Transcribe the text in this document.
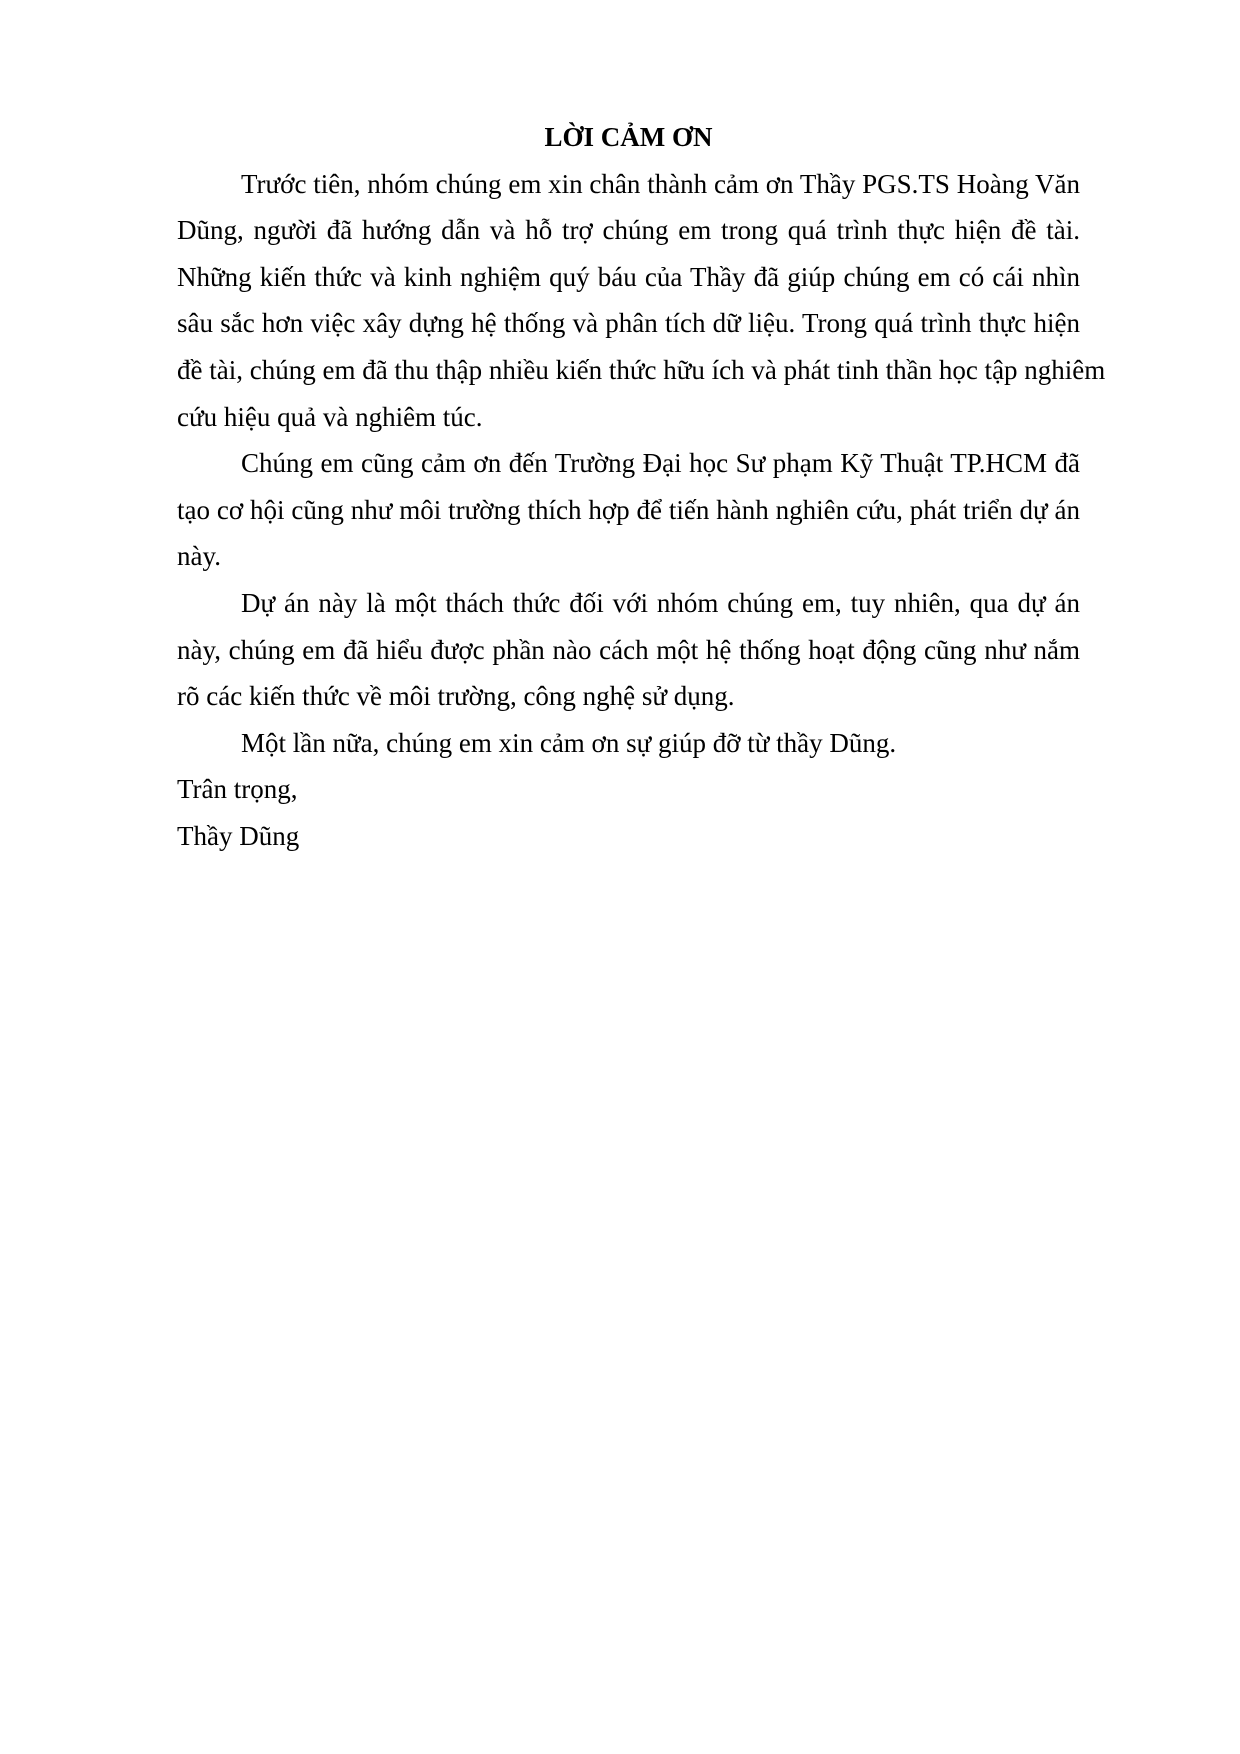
LỜI CẢM ƠN
Trước tiên, nhóm chúng em xin chân thành cảm ơn Thầy PGS.TS Hoàng Văn
Dũng, người đã hướng dẫn và hỗ trợ chúng em trong quá trình thực hiện đề tài.
Những kiến thức và kinh nghiệm quý báu của Thầy đã giúp chúng em có cái nhìn
sâu sắc hơn việc xây dựng hệ thống và phân tích dữ liệu. Trong quá trình thực hiện
đề tài, chúng em đã thu thập nhiều kiến thức hữu ích và phát tinh thần học tập nghiêm
cứu hiệu quả và nghiêm túc.
Chúng em cũng cảm ơn đến Trường Đại học Sư phạm Kỹ Thuật TP.HCM đã
tạo cơ hội cũng như môi trường thích hợp để tiến hành nghiên cứu, phát triển dự án
này.
Dự án này là một thách thức đối với nhóm chúng em, tuy nhiên, qua dự án
này, chúng em đã hiểu được phần nào cách một hệ thống hoạt động cũng như nắm
rõ các kiến thức về môi trường, công nghệ sử dụng.
Một lần nữa, chúng em xin cảm ơn sự giúp đỡ từ thầy Dũng.
Trân trọng,
Thầy Dũng
